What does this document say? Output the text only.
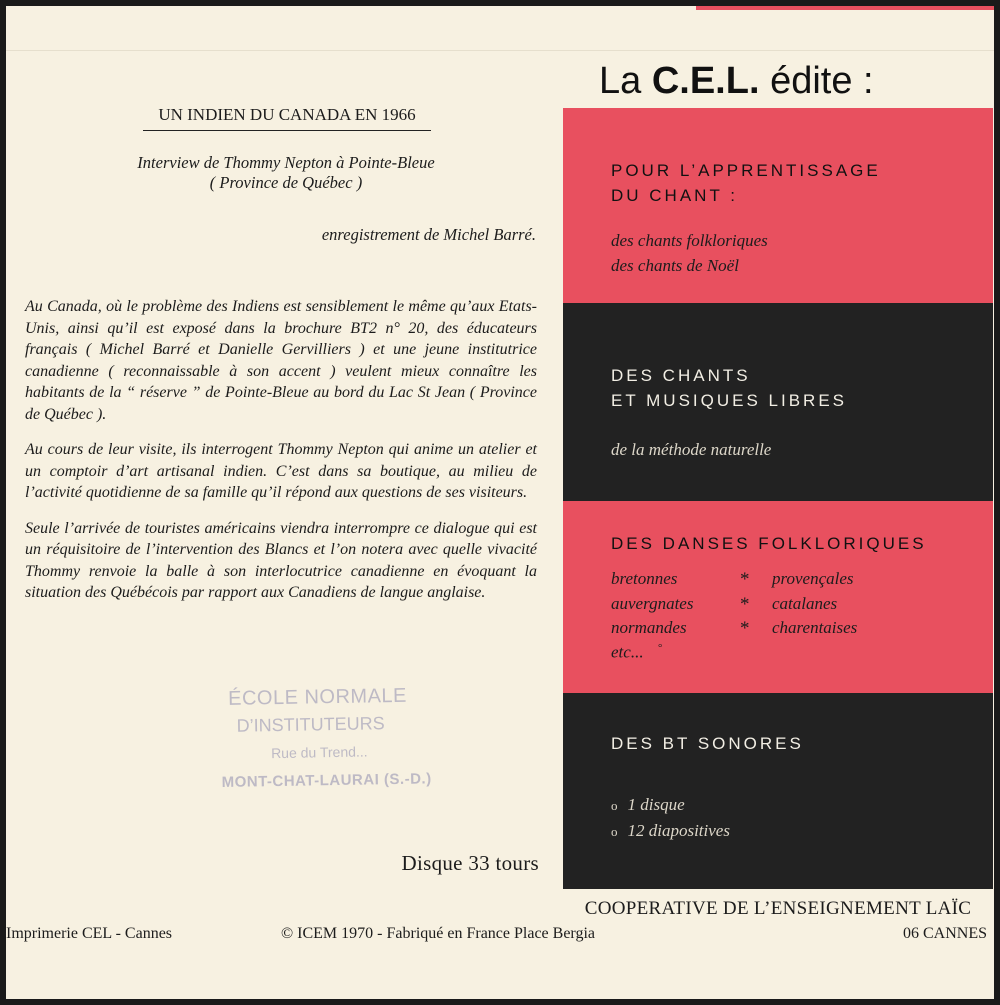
UN INDIEN DU CANADA EN 1966
Interview de Thommy Nepton à Pointe-Bleue
( Province de Québec )
enregistrement de Michel Barré.

Au Canada, où le problème des Indiens est sensiblement le même qu’aux Etats-Unis, ainsi qu’il est exposé dans la brochure BT2 n° 20, des éducateurs français ( Michel Barré et Danielle Gervilliers ) et une jeune institutrice canadienne ( reconnaissable à son accent ) veulent mieux connaître les habitants de la “ réserve ” de Pointe-Bleue au bord du Lac St Jean ( Province de Québec ).

Au cours de leur visite, ils interrogent Thommy Nepton qui anime un atelier et un comptoir d’art artisanal indien. C’est dans sa boutique, au milieu de l’activité quotidienne de sa famille qu’il répond aux questions de ses visiteurs.

Seule l’arrivée de touristes américains viendra interrompre ce dialogue qui est un réquisitoire de l’intervention des Blancs et l’on notera avec quelle vivacité Thommy renvoie la balle à son interlocutrice canadienne en évoquant la situation des Québécois par rapport aux Canadiens de langue anglaise.

ÉCOLE NORMALE
D’INSTITUTEURS
Rue du Trend...
MONT-CHAT-LAURAI (S.-D.)
Disque 33 tours
La C.E.L. édite :
POUR L’APPRENTISSAGE
DU CHANT :
des chants folkloriques
des chants de Noël
DES CHANTS
ET MUSIQUES LIBRES
de la méthode naturelle
DES DANSES FOLKLORIQUES
bretonnes	* provençales
auvergnates * catalanes
normandes	* charentaises
etc... °
DES BT SONORES
o 1 disque
o 12 diapositives
COOPERATIVE DE L’ENSEIGNEMENT LAÏC
Imprimerie CEL - Cannes	© ICEM 1970 - Fabriqué en France Place Bergia	06 CANNES
